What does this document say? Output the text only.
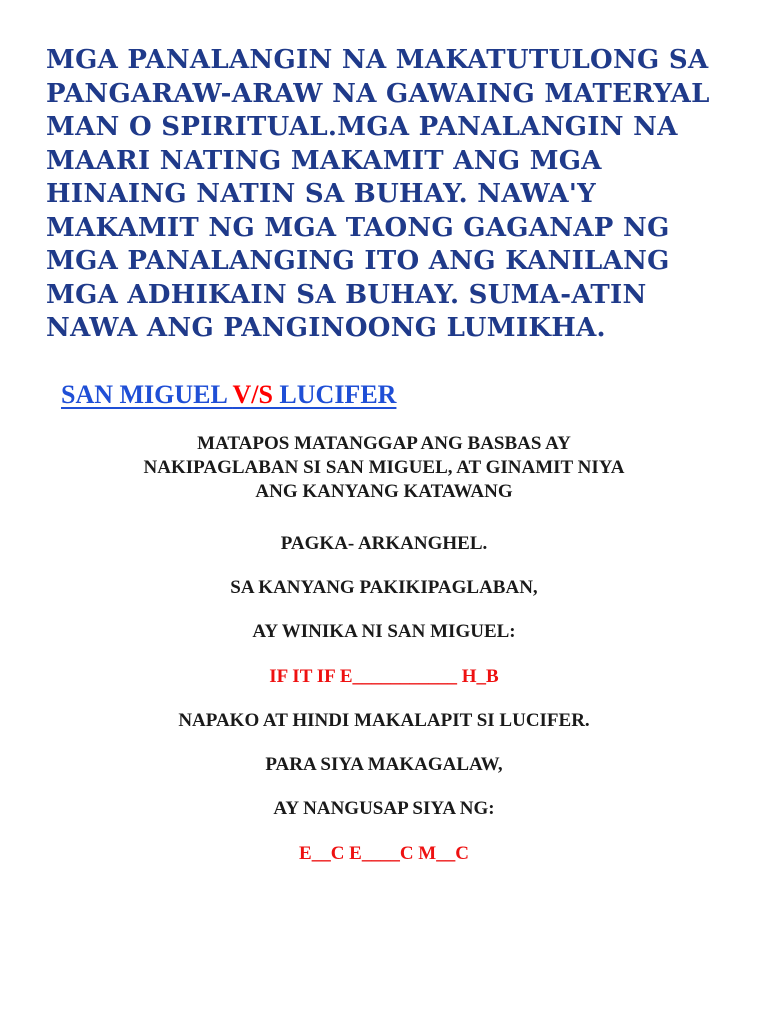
MGA PANALANGIN NA MAKATUTULONG SA
PANGARAW-ARAW NA GAWAING MATERYAL
MAN O SPIRITUAL.MGA PANALANGIN NA
MAARI NATING MAKAMIT ANG MGA
HINAING NATIN SA BUHAY. NAWA'Y
MAKAMIT NG MGA TAONG GAGANAP NG
MGA PANALANGING ITO ANG KANILANG
MGA ADHIKAIN SA BUHAY. SUMA-ATIN
NAWA ANG PANGINOONG LUMIKHA.

SAN MIGUEL V/S LUCIFER

MATAPOS MATANGGAP ANG BASBAS AY
NAKIPAGLABAN SI SAN MIGUEL, AT GINAMIT NIYA
ANG KANYANG KATAWANG

PAGKA- ARKANGHEL.

SA KANYANG PAKIKIPAGLABAN,

AY WINIKA NI SAN MIGUEL:

IF IT IF E___________ H_B

NAPAKO AT HINDI MAKALAPIT SI LUCIFER.

PARA SIYA MAKAGALAW,

AY NANGUSAP SIYA NG:

E__C E____C M__C
